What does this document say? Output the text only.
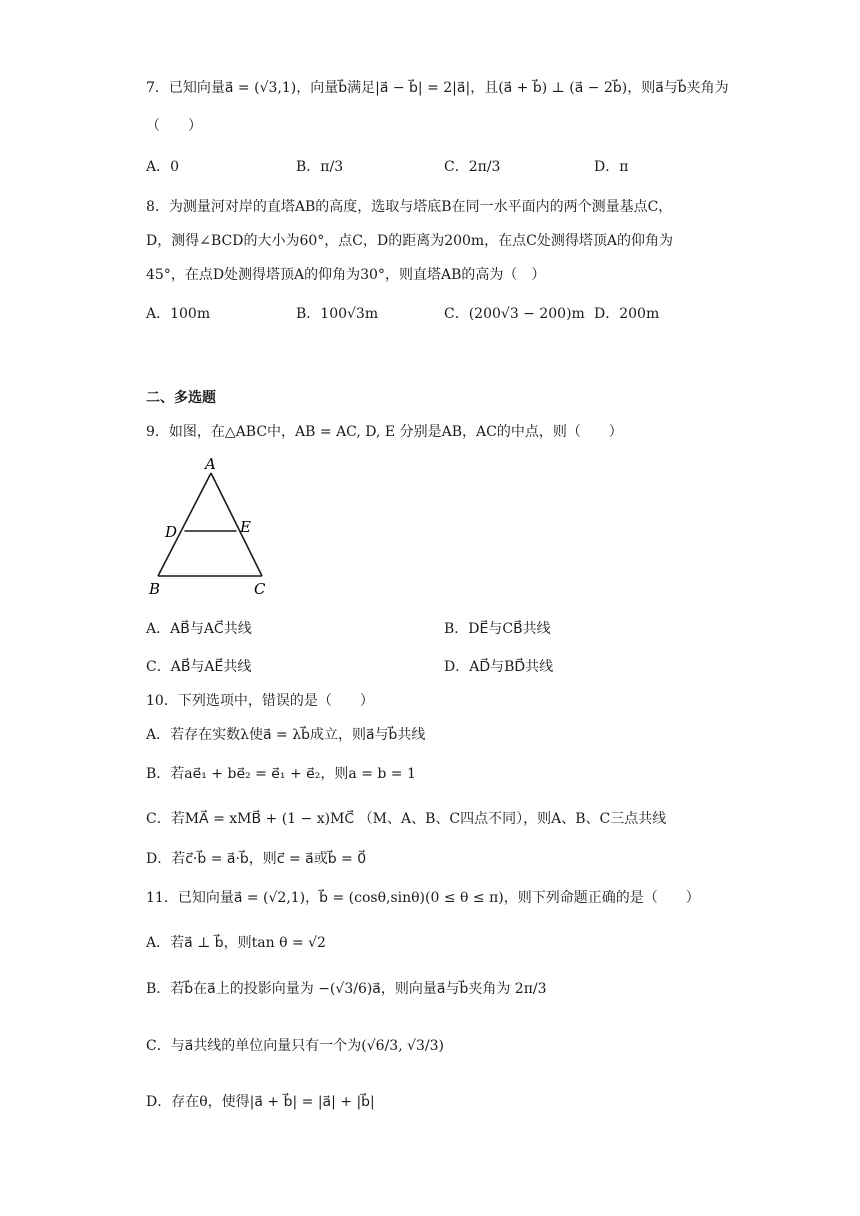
7．已知向量a⃗ = (√3,1)，向量b⃗满足|a⃗ − b⃗| = 2|a⃗|，且(a⃗ + b⃗) ⊥ (a⃗ − 2b⃗)，则a⃗与b⃗夹角为
（　　）
A．0	B．π/3	C．2π/3	D．π
8．为测量河对岸的直塔AB的高度，选取与塔底B在同一水平面内的两个测量基点C，
D，测得∠BCD的大小为60°，点C，D的距离为200m，在点C处测得塔顶A的仰角为
45°，在点D处测得塔顶A的仰角为30°，则直塔AB的高为（　）
A．100m	B．100√3m	C．(200√3 − 200)m D．200m
二、多选题
9．如图，在△ABC中，AB = AC, D, E 分别是AB，AC的中点，则（　　）
A
B	C
D	E
A．AB⃗与AC⃗共线	B．DE⃗与CB⃗共线
C．AB⃗与AE⃗共线	D．AD⃗与BD⃗共线
10．下列选项中，错误的是（　　）
A．若存在实数λ使a⃗ = λb⃗成立，则a⃗与b⃗共线
B．若ae⃗₁ + be⃗₂ = e⃗₁ + e⃗₂，则a = b = 1
C．若MA⃗ = xMB⃗ + (1 − x)MC⃗ （M、A、B、C四点不同），则A、B、C三点共线
D．若c⃗·b⃗ = a⃗·b⃗，则c⃗ = a⃗或b⃗ = 0⃗
11．已知向量a⃗ = (√2,1)，b⃗ = (cosθ,sinθ)(0 ≤ θ ≤ π)，则下列命题正确的是（　　）
A．若a⃗ ⊥ b⃗，则tan θ = √2
B．若b⃗在a⃗上的投影向量为 −(√3/6)a⃗，则向量a⃗与b⃗夹角为 2π/3
C．与a⃗共线的单位向量只有一个为(√6/3, √3/3)
D．存在θ，使得|a⃗ + b⃗| = |a⃗| + |b⃗|
